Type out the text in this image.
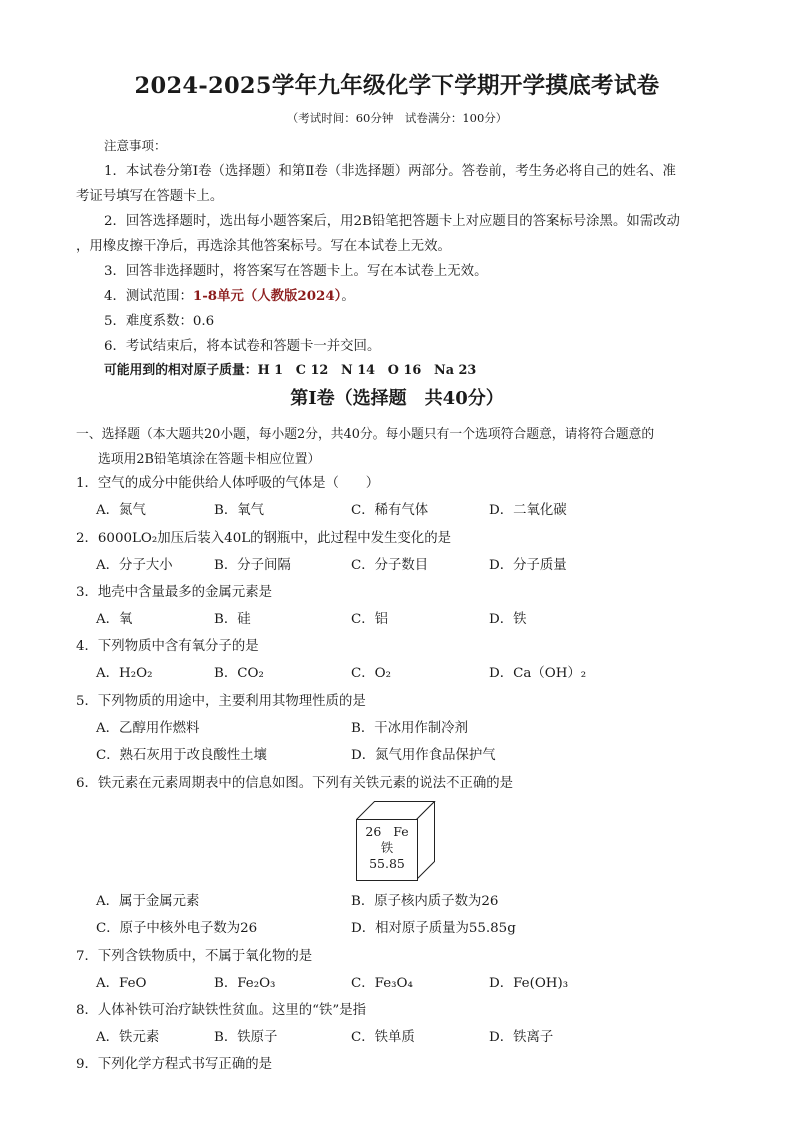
2024-2025学年九年级化学下学期开学摸底考试卷
（考试时间：60分钟　试卷满分：100分）
注意事项：
1．本试卷分第Ⅰ卷（选择题）和第Ⅱ卷（非选择题）两部分。答卷前，考生务必将自己的姓名、准
考证号填写在答题卡上。
2．回答选择题时，选出每小题答案后，用2B铅笔把答题卡上对应题目的答案标号涂黑。如需改动
，用橡皮擦干净后，再选涂其他答案标号。写在本试卷上无效。
3．回答非选择题时，将答案写在答题卡上。写在本试卷上无效。
4．测试范围：1-8单元（人教版2024）。
5．难度系数：0.6
6．考试结束后，将本试卷和答题卡一并交回。
可能用到的相对原子质量：H 1　C 12　N 14　O 16　Na 23
第Ⅰ卷（选择题　共40分）
一、选择题（本大题共20小题，每小题2分，共40分。每小题只有一个选项符合题意，请将符合题意的
选项用2B铅笔填涂在答题卡相应位置）
1．空气的成分中能供给人体呼吸的气体是（　　）
A．氮气	B．氧气	C．稀有气体	D．二氧化碳
2．6000LO₂加压后装入40L的钢瓶中，此过程中发生变化的是
A．分子大小	B．分子间隔	C．分子数目	D．分子质量
3．地壳中含量最多的金属元素是
A．氧	B．硅	C．铝	D．铁
4．下列物质中含有氧分子的是
A．H₂O₂	B．CO₂	C．O₂	D．Ca（OH）₂
5．下列物质的用途中，主要利用其物理性质的是
A．乙醇用作燃料	B．干冰用作制冷剂
C．熟石灰用于改良酸性土壤	D．氮气用作食品保护气
6．铁元素在元素周期表中的信息如图。下列有关铁元素的说法不正确的是
26 Fe
铁
55.85
A．属于金属元素	B．原子核内质子数为26
C．原子中核外电子数为26	D．相对原子质量为55.85g
7．下列含铁物质中，不属于氧化物的是
A．FeO	B．Fe₂O₃	C．Fe₃O₄	D．Fe(OH)₃
8．人体补铁可治疗缺铁性贫血。这里的“铁”是指
A．铁元素	B．铁原子	C．铁单质	D．铁离子
9．下列化学方程式书写正确的是
